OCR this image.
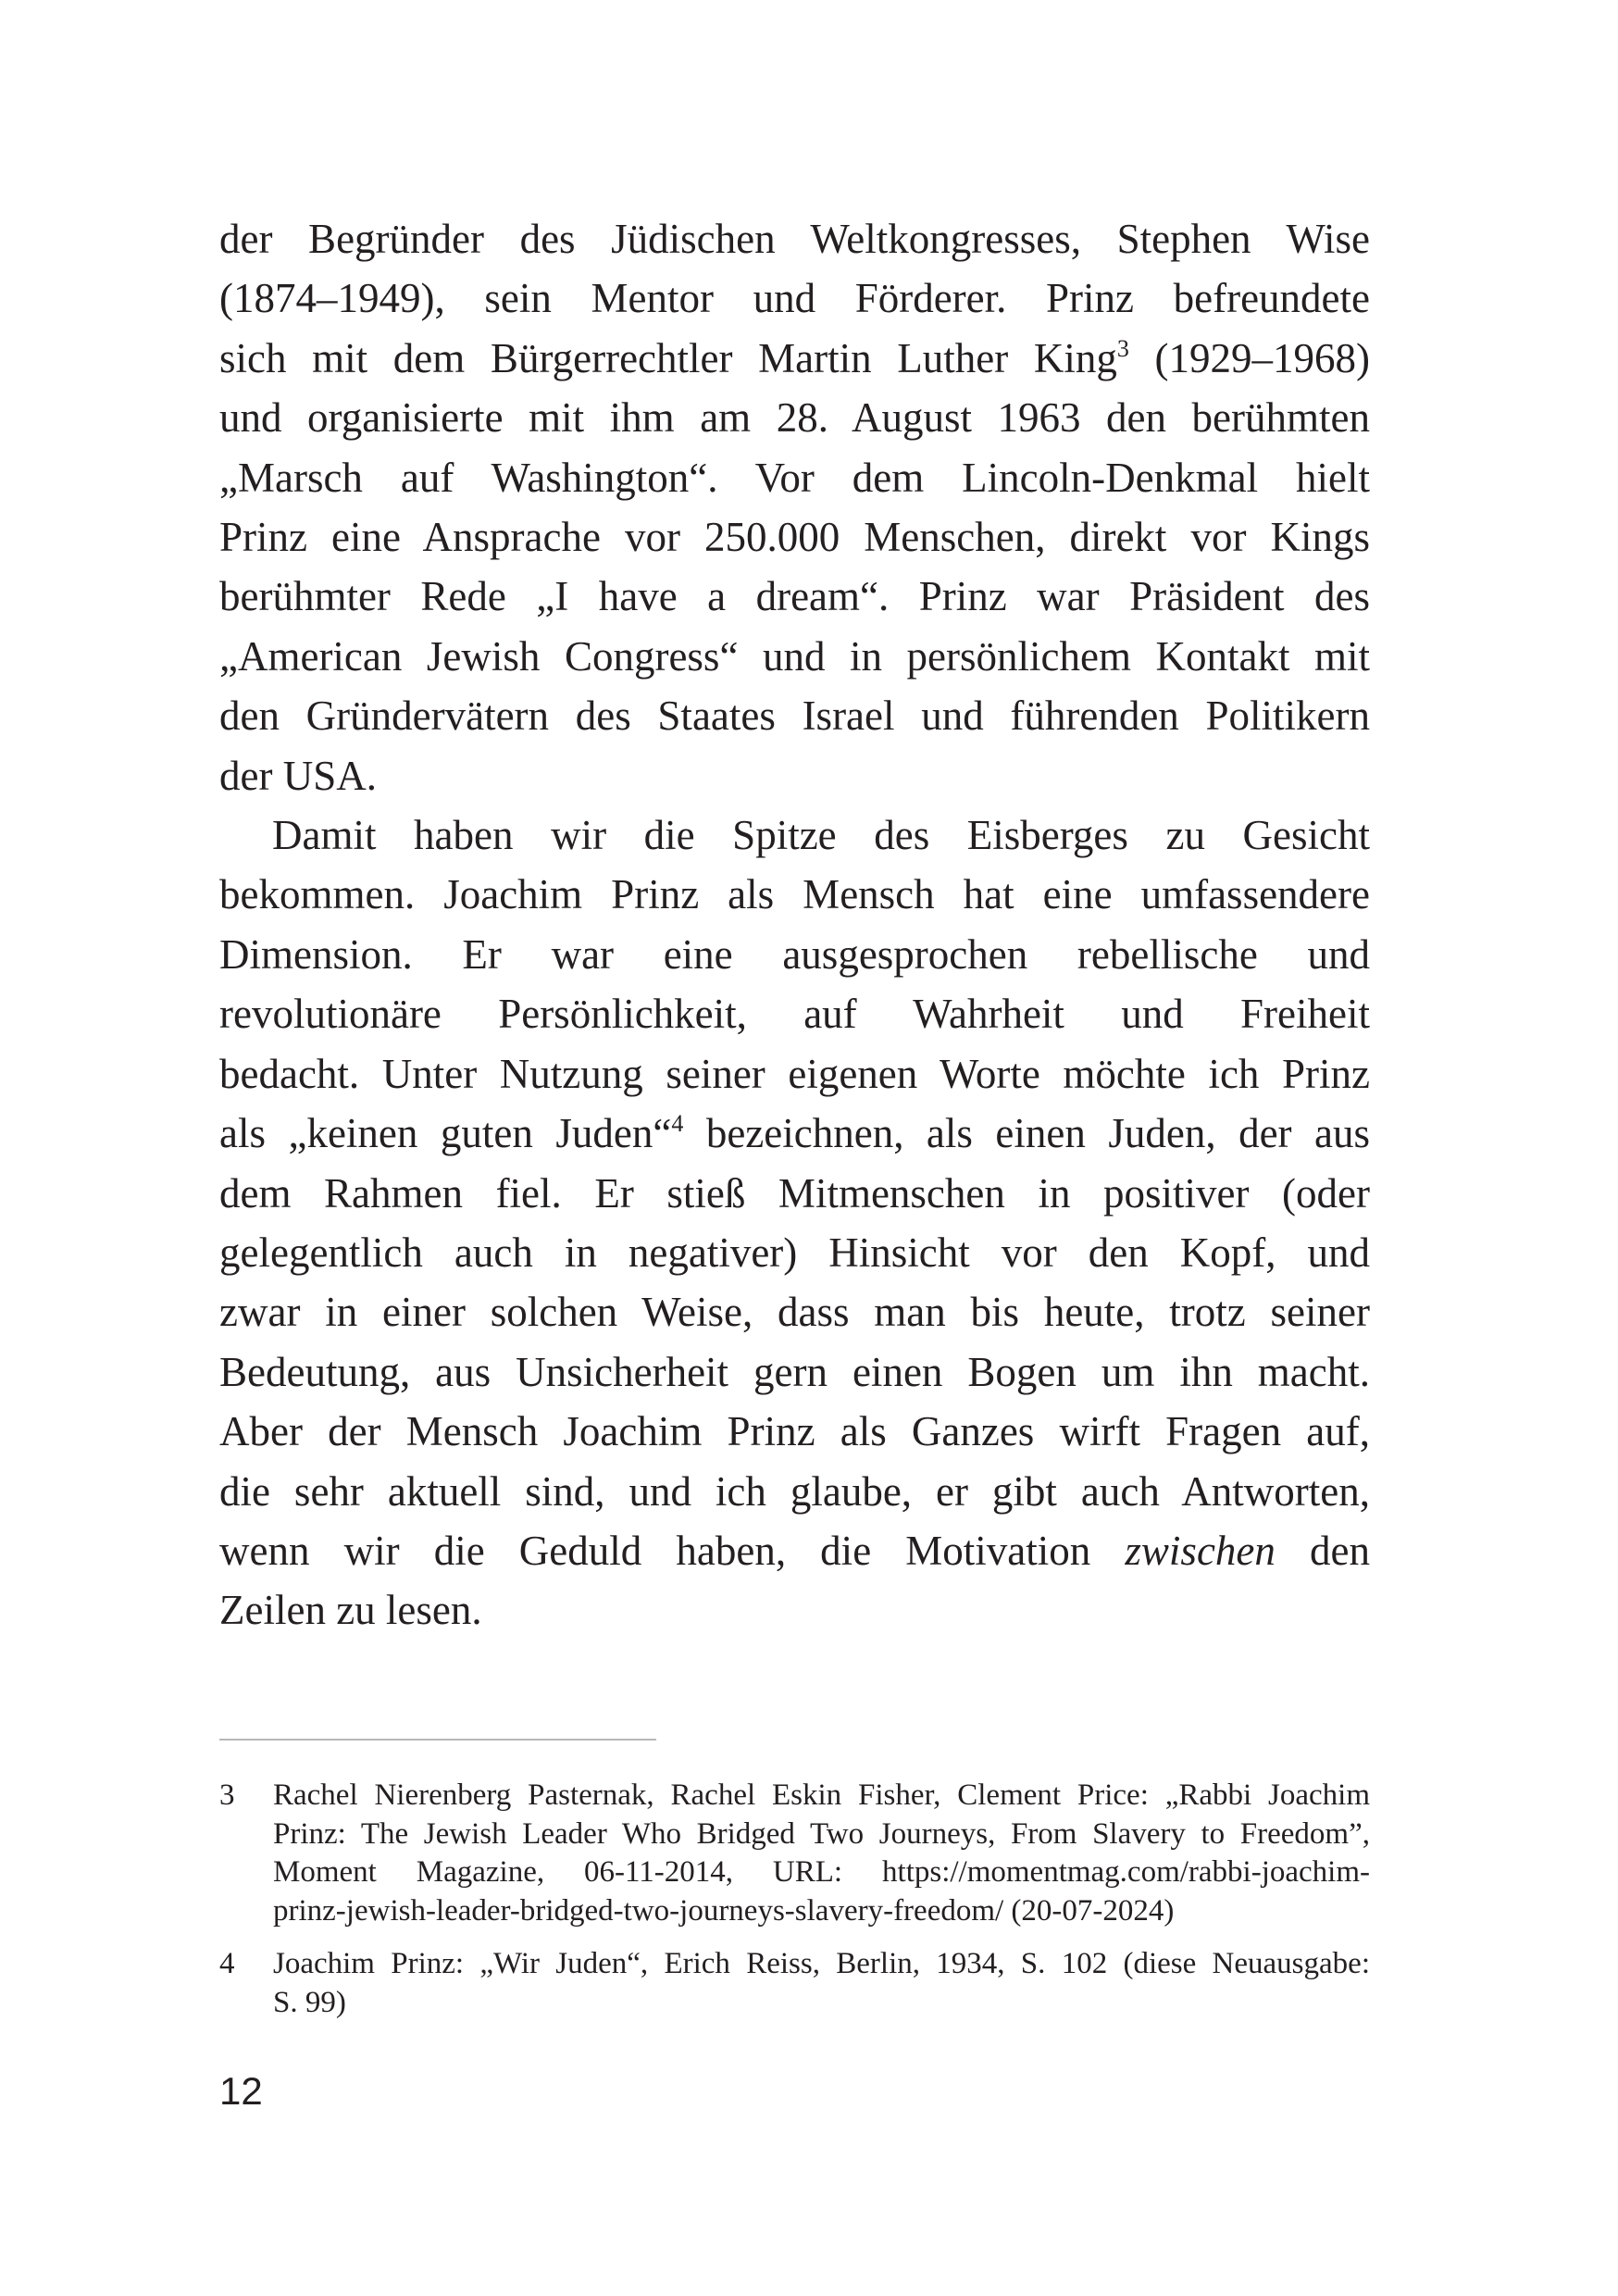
der Begründer des Jüdischen Weltkongresses, Stephen Wise
(1874–1949), sein Mentor und Förderer. Prinz befreundete
sich mit dem Bürgerrechtler Martin Luther King$^3$ (1929–1968)
und organisierte mit ihm am 28. August 1963 den berühmten
„Marsch auf Washington“. Vor dem Lincoln-Denkmal hielt
Prinz eine Ansprache vor 250.000 Menschen, direkt vor Kings
berühmter Rede „I have a dream“. Prinz war Präsident des
„American Jewish Congress“ und in persönlichem Kontakt mit
den Gründervätern des Staates Israel und führenden Politikern
der USA.
Damit haben wir die Spitze des Eisberges zu Gesicht
bekommen. Joachim Prinz als Mensch hat eine umfassendere
Dimension. Er war eine ausgesprochen rebellische und
revolutionäre Persönlichkeit, auf Wahrheit und Freiheit
bedacht. Unter Nutzung seiner eigenen Worte möchte ich Prinz
als „keinen guten Juden“$^4$ bezeichnen, als einen Juden, der aus
dem Rahmen fiel. Er stieß Mitmenschen in positiver (oder
gelegentlich auch in negativer) Hinsicht vor den Kopf, und
zwar in einer solchen Weise, dass man bis heute, trotz seiner
Bedeutung, aus Unsicherheit gern einen Bogen um ihn macht.
Aber der Mensch Joachim Prinz als Ganzes wirft Fragen auf,
die sehr aktuell sind, und ich glaube, er gibt auch Antworten,
wenn wir die Geduld haben, die Motivation zwischen den
Zeilen zu lesen.
3 Rachel Nierenberg Pasternak, Rachel Eskin Fisher, Clement Price: „Rabbi Joachim
Prinz: The Jewish Leader Who Bridged Two Journeys, From Slavery to Freedom”,
Moment Magazine, 06-11-2014, URL: https://momentmag.com/rabbi-joachim-
prinz-jewish-leader-bridged-two-journeys-slavery-freedom/ (20-07-2024)
4 Joachim Prinz: „Wir Juden“, Erich Reiss, Berlin, 1934, S. 102 (diese Neuausgabe:
S. 99)
12
